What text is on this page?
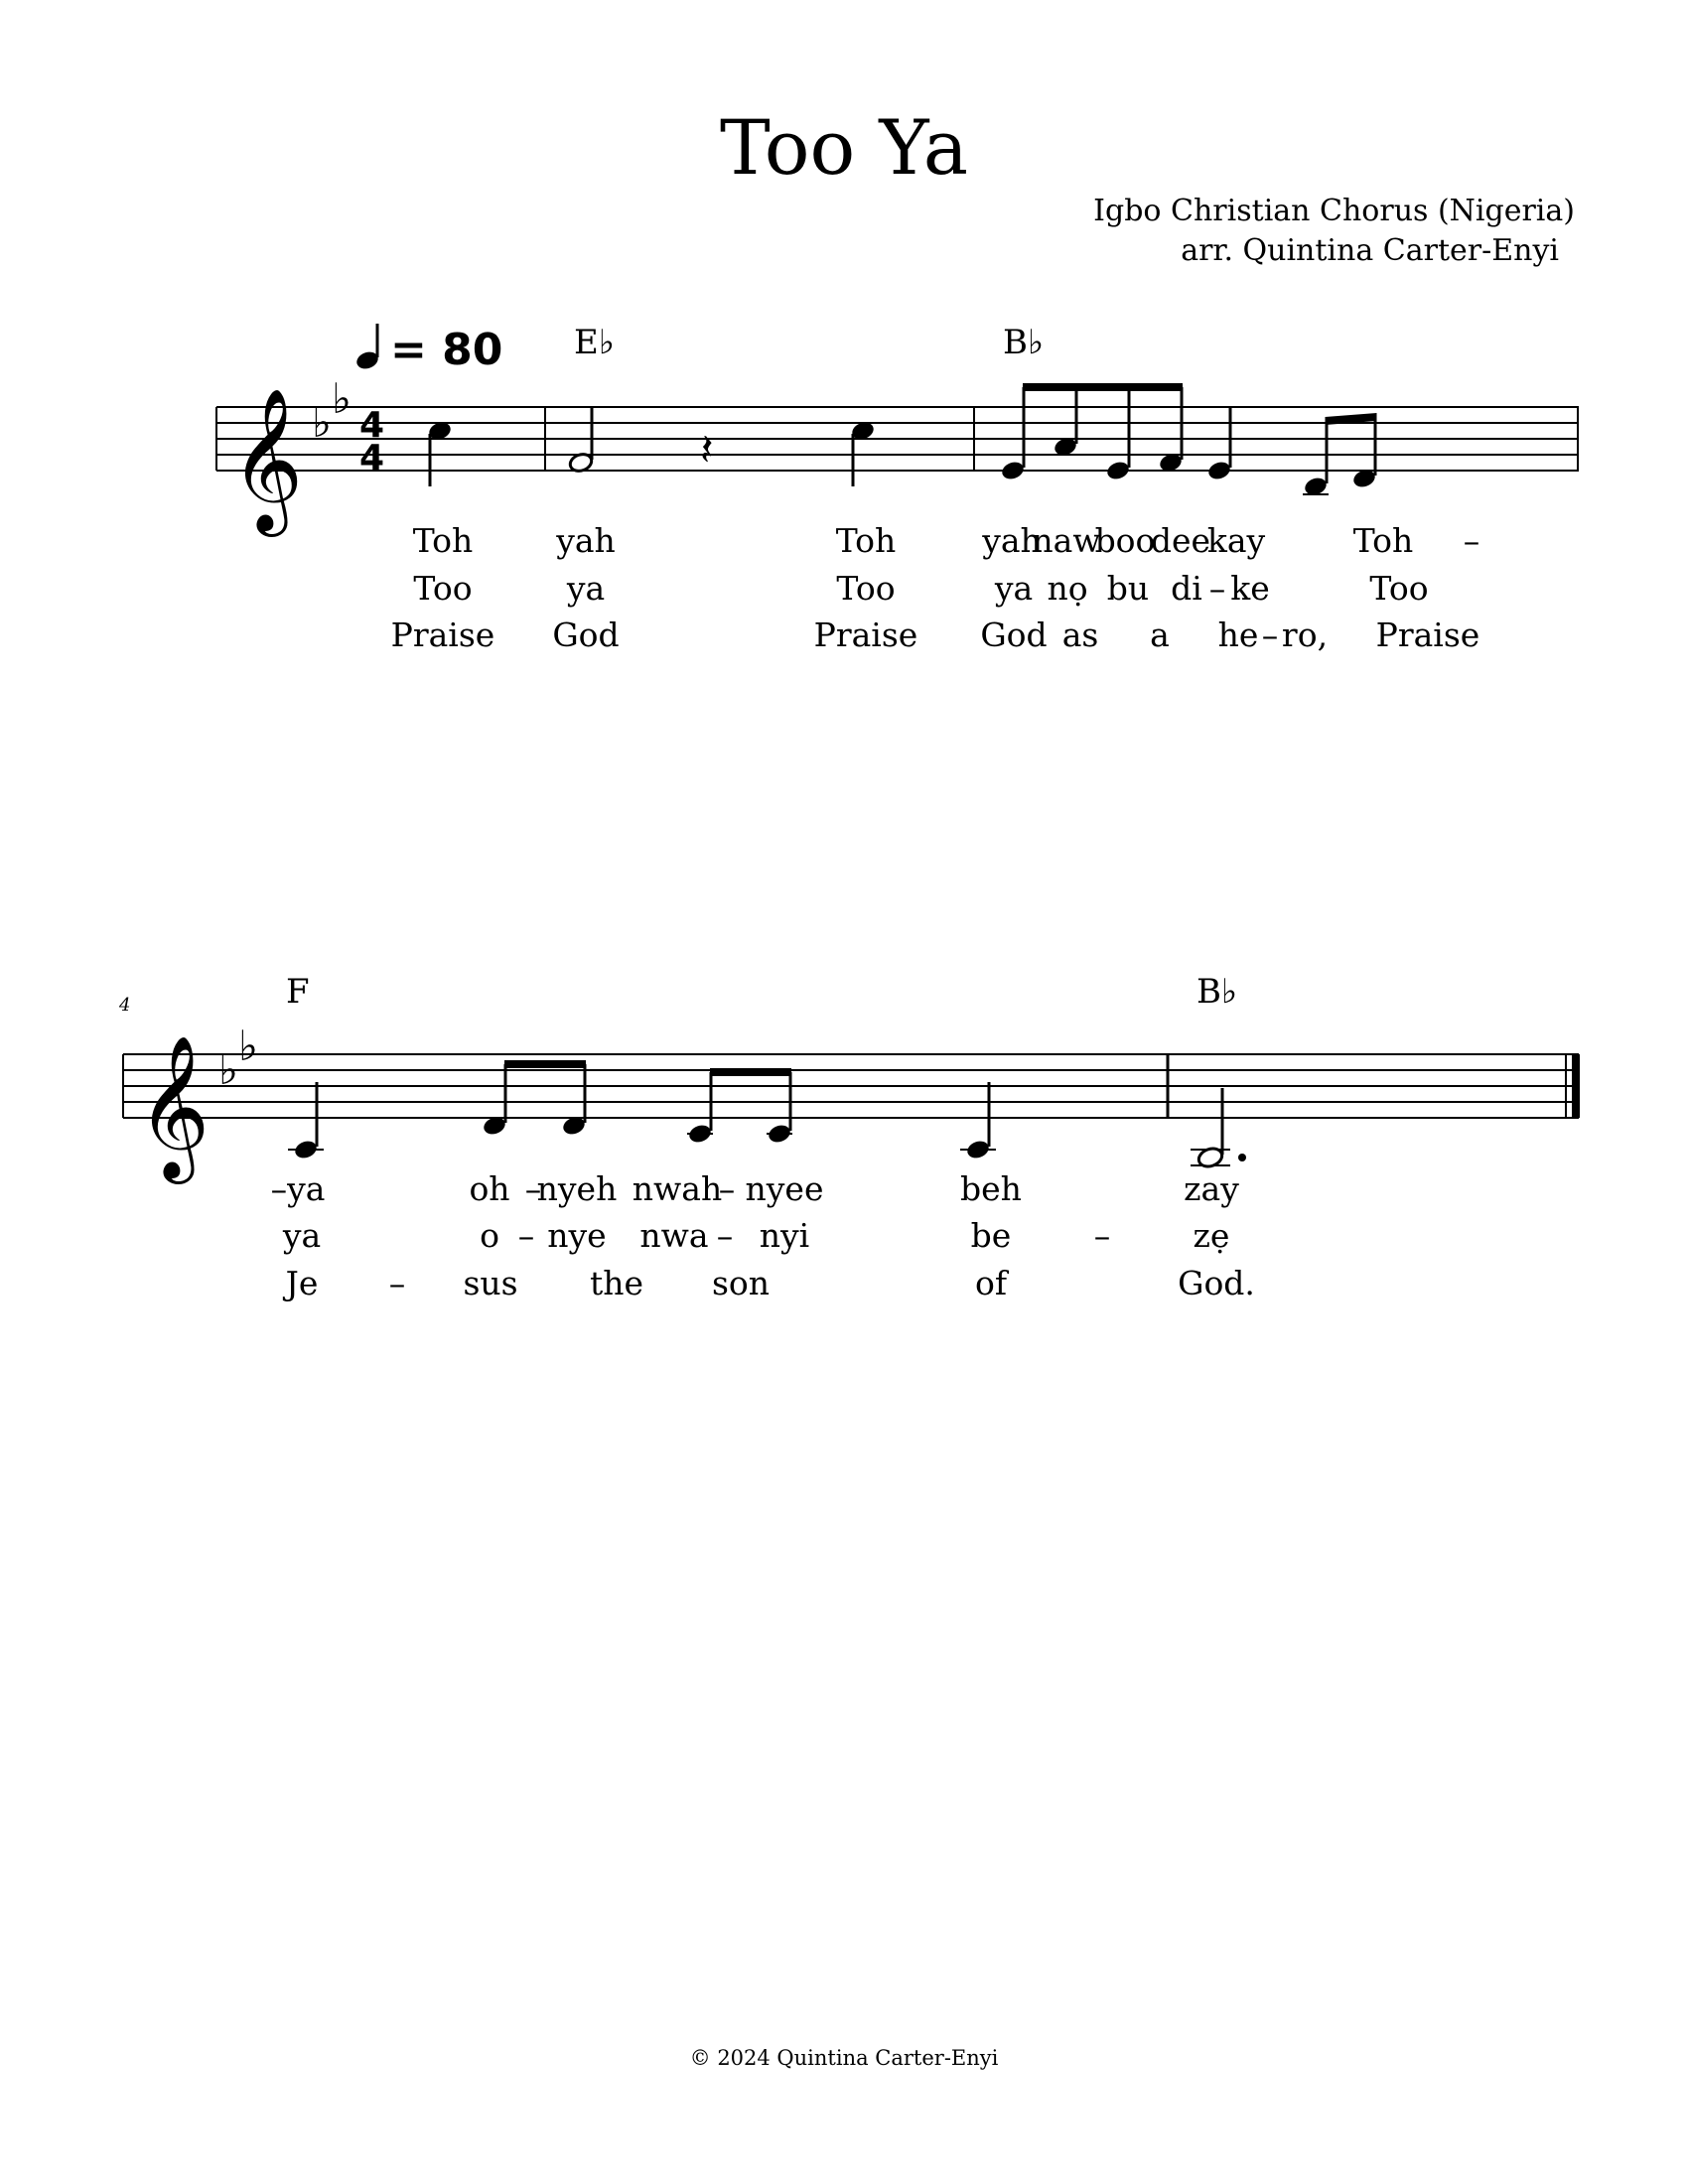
Too Ya
Igbo Christian Chorus (Nigeria)
arr. Quintina Carter-Enyi
= 80 E♭	B♭
𝄞 ♭ ♭
4
4	𝄽
Toh	yah	Toh	yah
naw
boo
dee
kay	Toh –
Too	ya	Too	ya nọ bu di – ke	Too
Praise God	Praise God as a he – ro, Praise
4	F	B♭
𝄞 ♭ ♭
–ya	oh –
nyeh nwah
– nyee	beh	zay
ya	o – nye nwa – nyi	be	–	zẹ
Je – sus the son	of	God.
© 2024 Quintina Carter-Enyi
